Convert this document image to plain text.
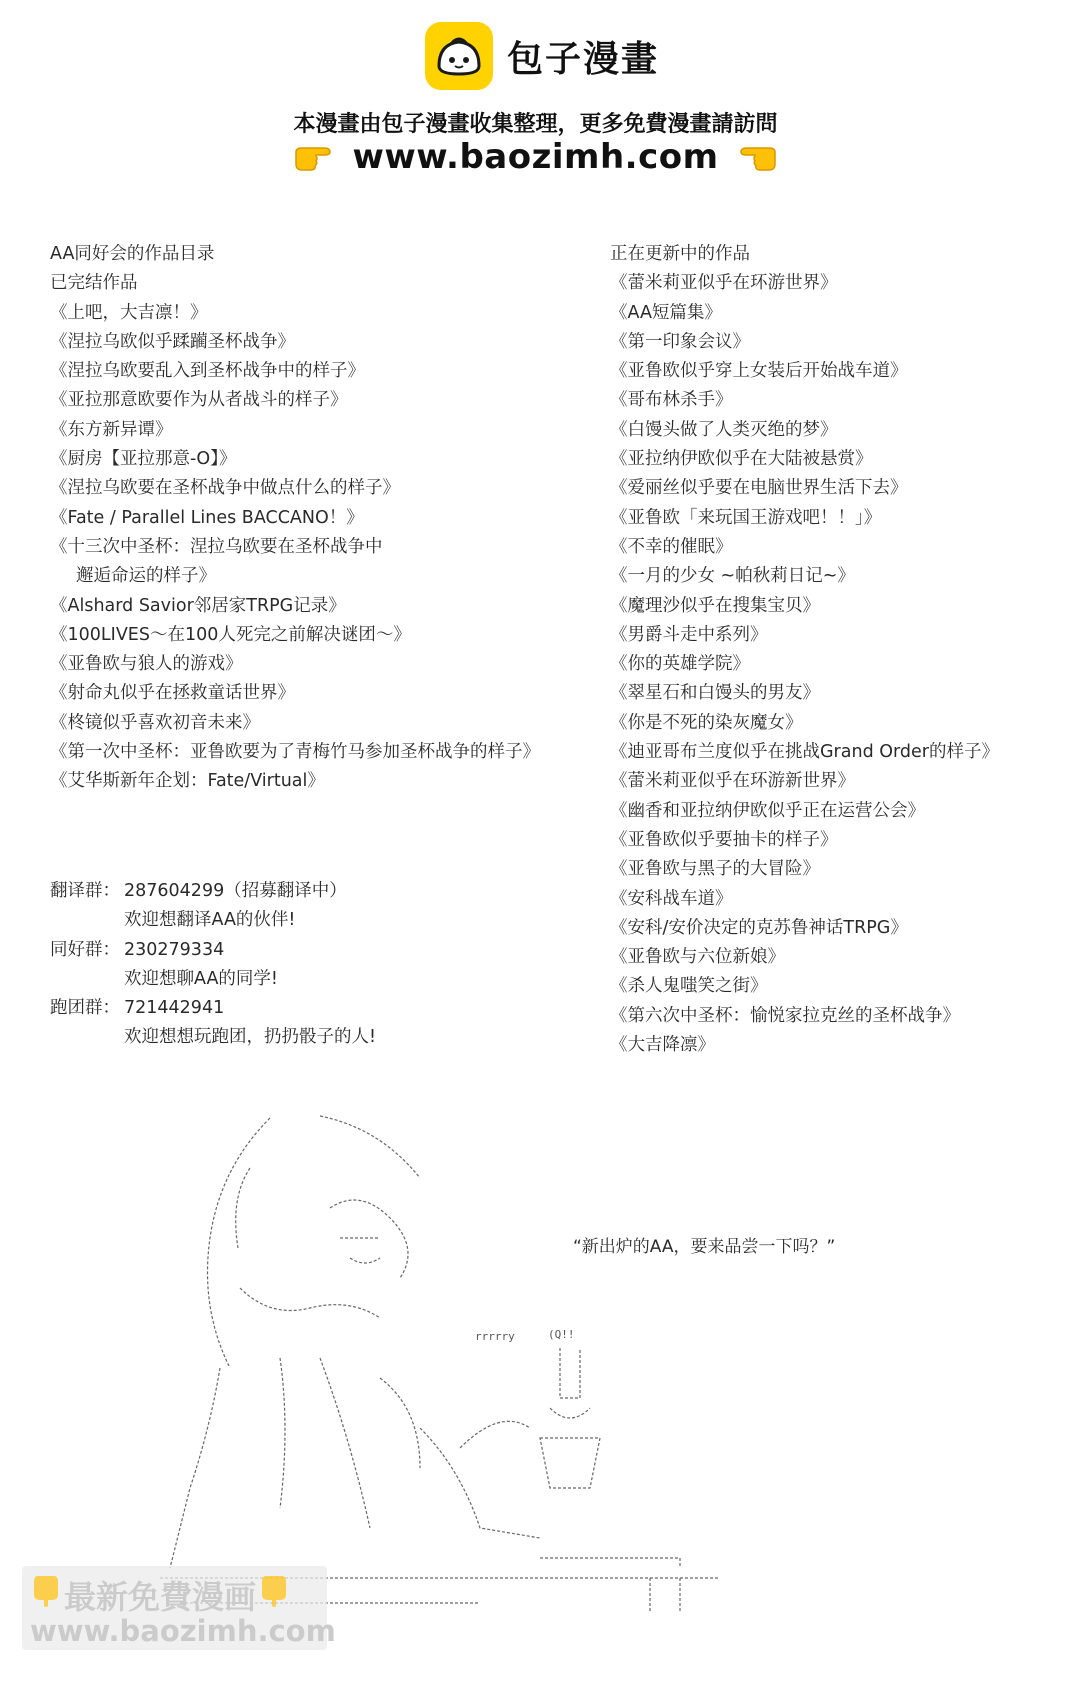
包子漫畫
本漫畫由包子漫畫收集整理，更多免費漫畫請訪問
www.baozimh.com
AA同好会的作品目录
已完结作品
《上吧，大吉凛！》
《涅拉乌欧似乎蹂躏圣杯战争》
《涅拉乌欧要乱入到圣杯战争中的样子》
《亚拉那意欧要作为从者战斗的样子》
《东方新异谭》
《厨房【亚拉那意-O】》
《涅拉乌欧要在圣杯战争中做点什么的样子》
《Fate / Parallel Lines BACCANO！》
《十三次中圣杯：涅拉乌欧要在圣杯战争中
邂逅命运的样子》
《Alshard Savior邻居家TRPG记录》
《100LIVES～在100人死完之前解决谜团～》
《亚鲁欧与狼人的游戏》
《射命丸似乎在拯救童话世界》
《柊镜似乎喜欢初音未来》
《第一次中圣杯：亚鲁欧要为了青梅竹马参加圣杯战争的样子》
《艾华斯新年企划：Fate/Virtual》
正在更新中的作品
《蕾米莉亚似乎在环游世界》
《AA短篇集》
《第一印象会议》
《亚鲁欧似乎穿上女装后开始战车道》
《哥布林杀手》
《白馒头做了人类灭绝的梦》
《亚拉纳伊欧似乎在大陆被悬赏》
《爱丽丝似乎要在电脑世界生活下去》
《亚鲁欧「来玩国王游戏吧！！」》
《不幸的催眠》
《一月的少女 ~帕秋莉日记~》
《魔理沙似乎在搜集宝贝》
《男爵斗走中系列》
《你的英雄学院》
《翠星石和白馒头的男友》
《你是不死的染灰魔女》
《迪亚哥布兰度似乎在挑战Grand Order的样子》
《蕾米莉亚似乎在环游新世界》
《幽香和亚拉纳伊欧似乎正在运营公会》
《亚鲁欧似乎要抽卡的样子》
《亚鲁欧与黑子的大冒险》
《安科战车道》
《安科/安价决定的克苏鲁神话TRPG》
《亚鲁欧与六位新娘》
《杀人鬼嗤笑之街》
《第六次中圣杯：愉悦家拉克丝的圣杯战争》
《大吉降凛》
翻译群： 287604299（招募翻译中）
欢迎想翻译AA的伙伴!
同好群： 230279334
欢迎想聊AA的同学!
跑团群： 721442941
欢迎想想玩跑团，扔扔骰子的人!
rrrrry	(Q!!
“新出炉的AA，要来品尝一下吗？”
最新免費漫画
www.baozimh.com
